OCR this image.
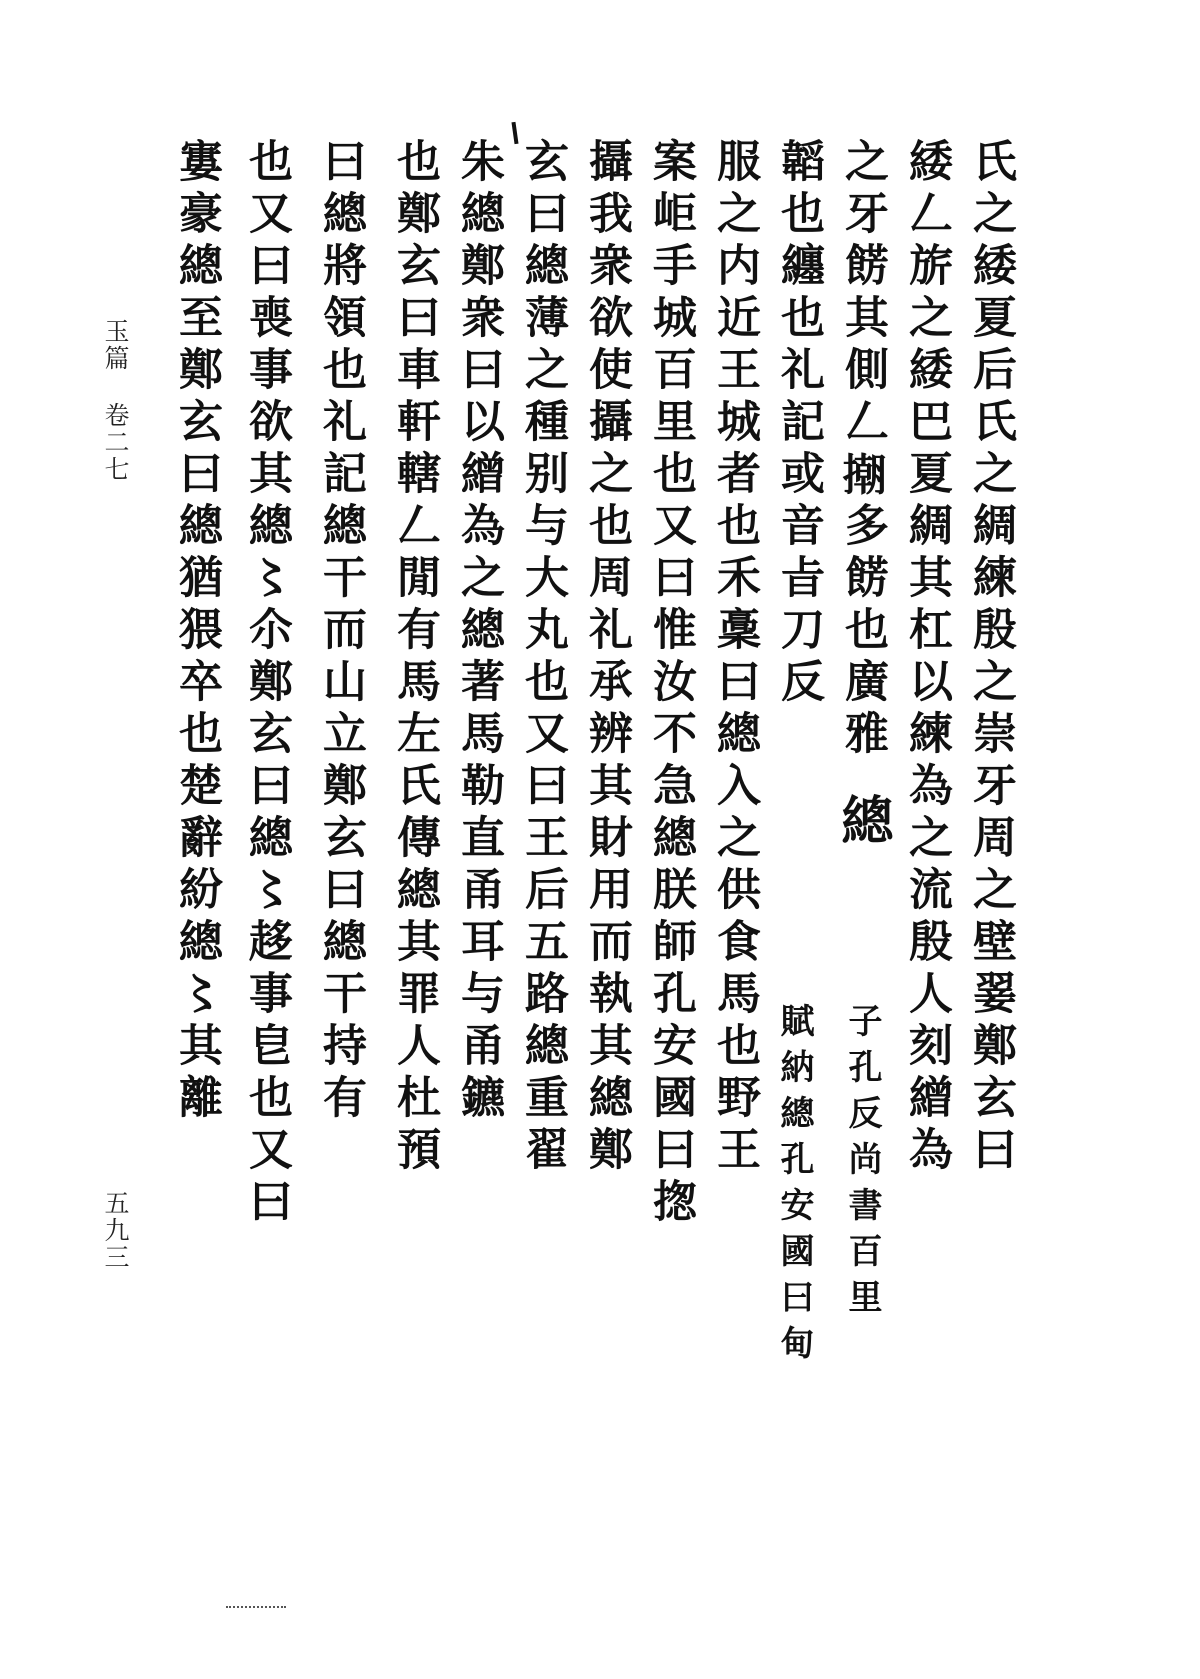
玉篇 卷二七
五九三
氏之緌夏后氏之綢練殷之崇牙周之壁翣鄭玄曰
緌𠃋旂之緌巴夏綢其杠以練為之流殷人刻繒為
之牙餝其側𠃋𢴿多餝也廣雅 總
子孔反尚書百里
韜也纏也礼記或音㫖刀反
賦納總孔安國曰甸
服之内近王城者也禾稾曰總入之供食馬也野王
案岠手城百里也又曰惟汝不急總朕師孔安國曰揔
攝我衆欲使攝之也周礼𠄘辨其財用而執其總鄭
玄曰總薄之種别与大丸也又曰王后五路總重翟
朱總鄭衆曰以繒為之總著馬勒直甬耳与甬鑣
也鄭玄曰車軒轄𠃋閒有馬左氏傳總其罪人杜預
曰總將領也礼記總干而山立鄭玄曰總干持有
也又曰喪事欲其總〻尒鄭玄曰總〻趍事皀也又曰
寠豪總至鄭玄曰總猶猥卒也楚辭紛總〻其離
